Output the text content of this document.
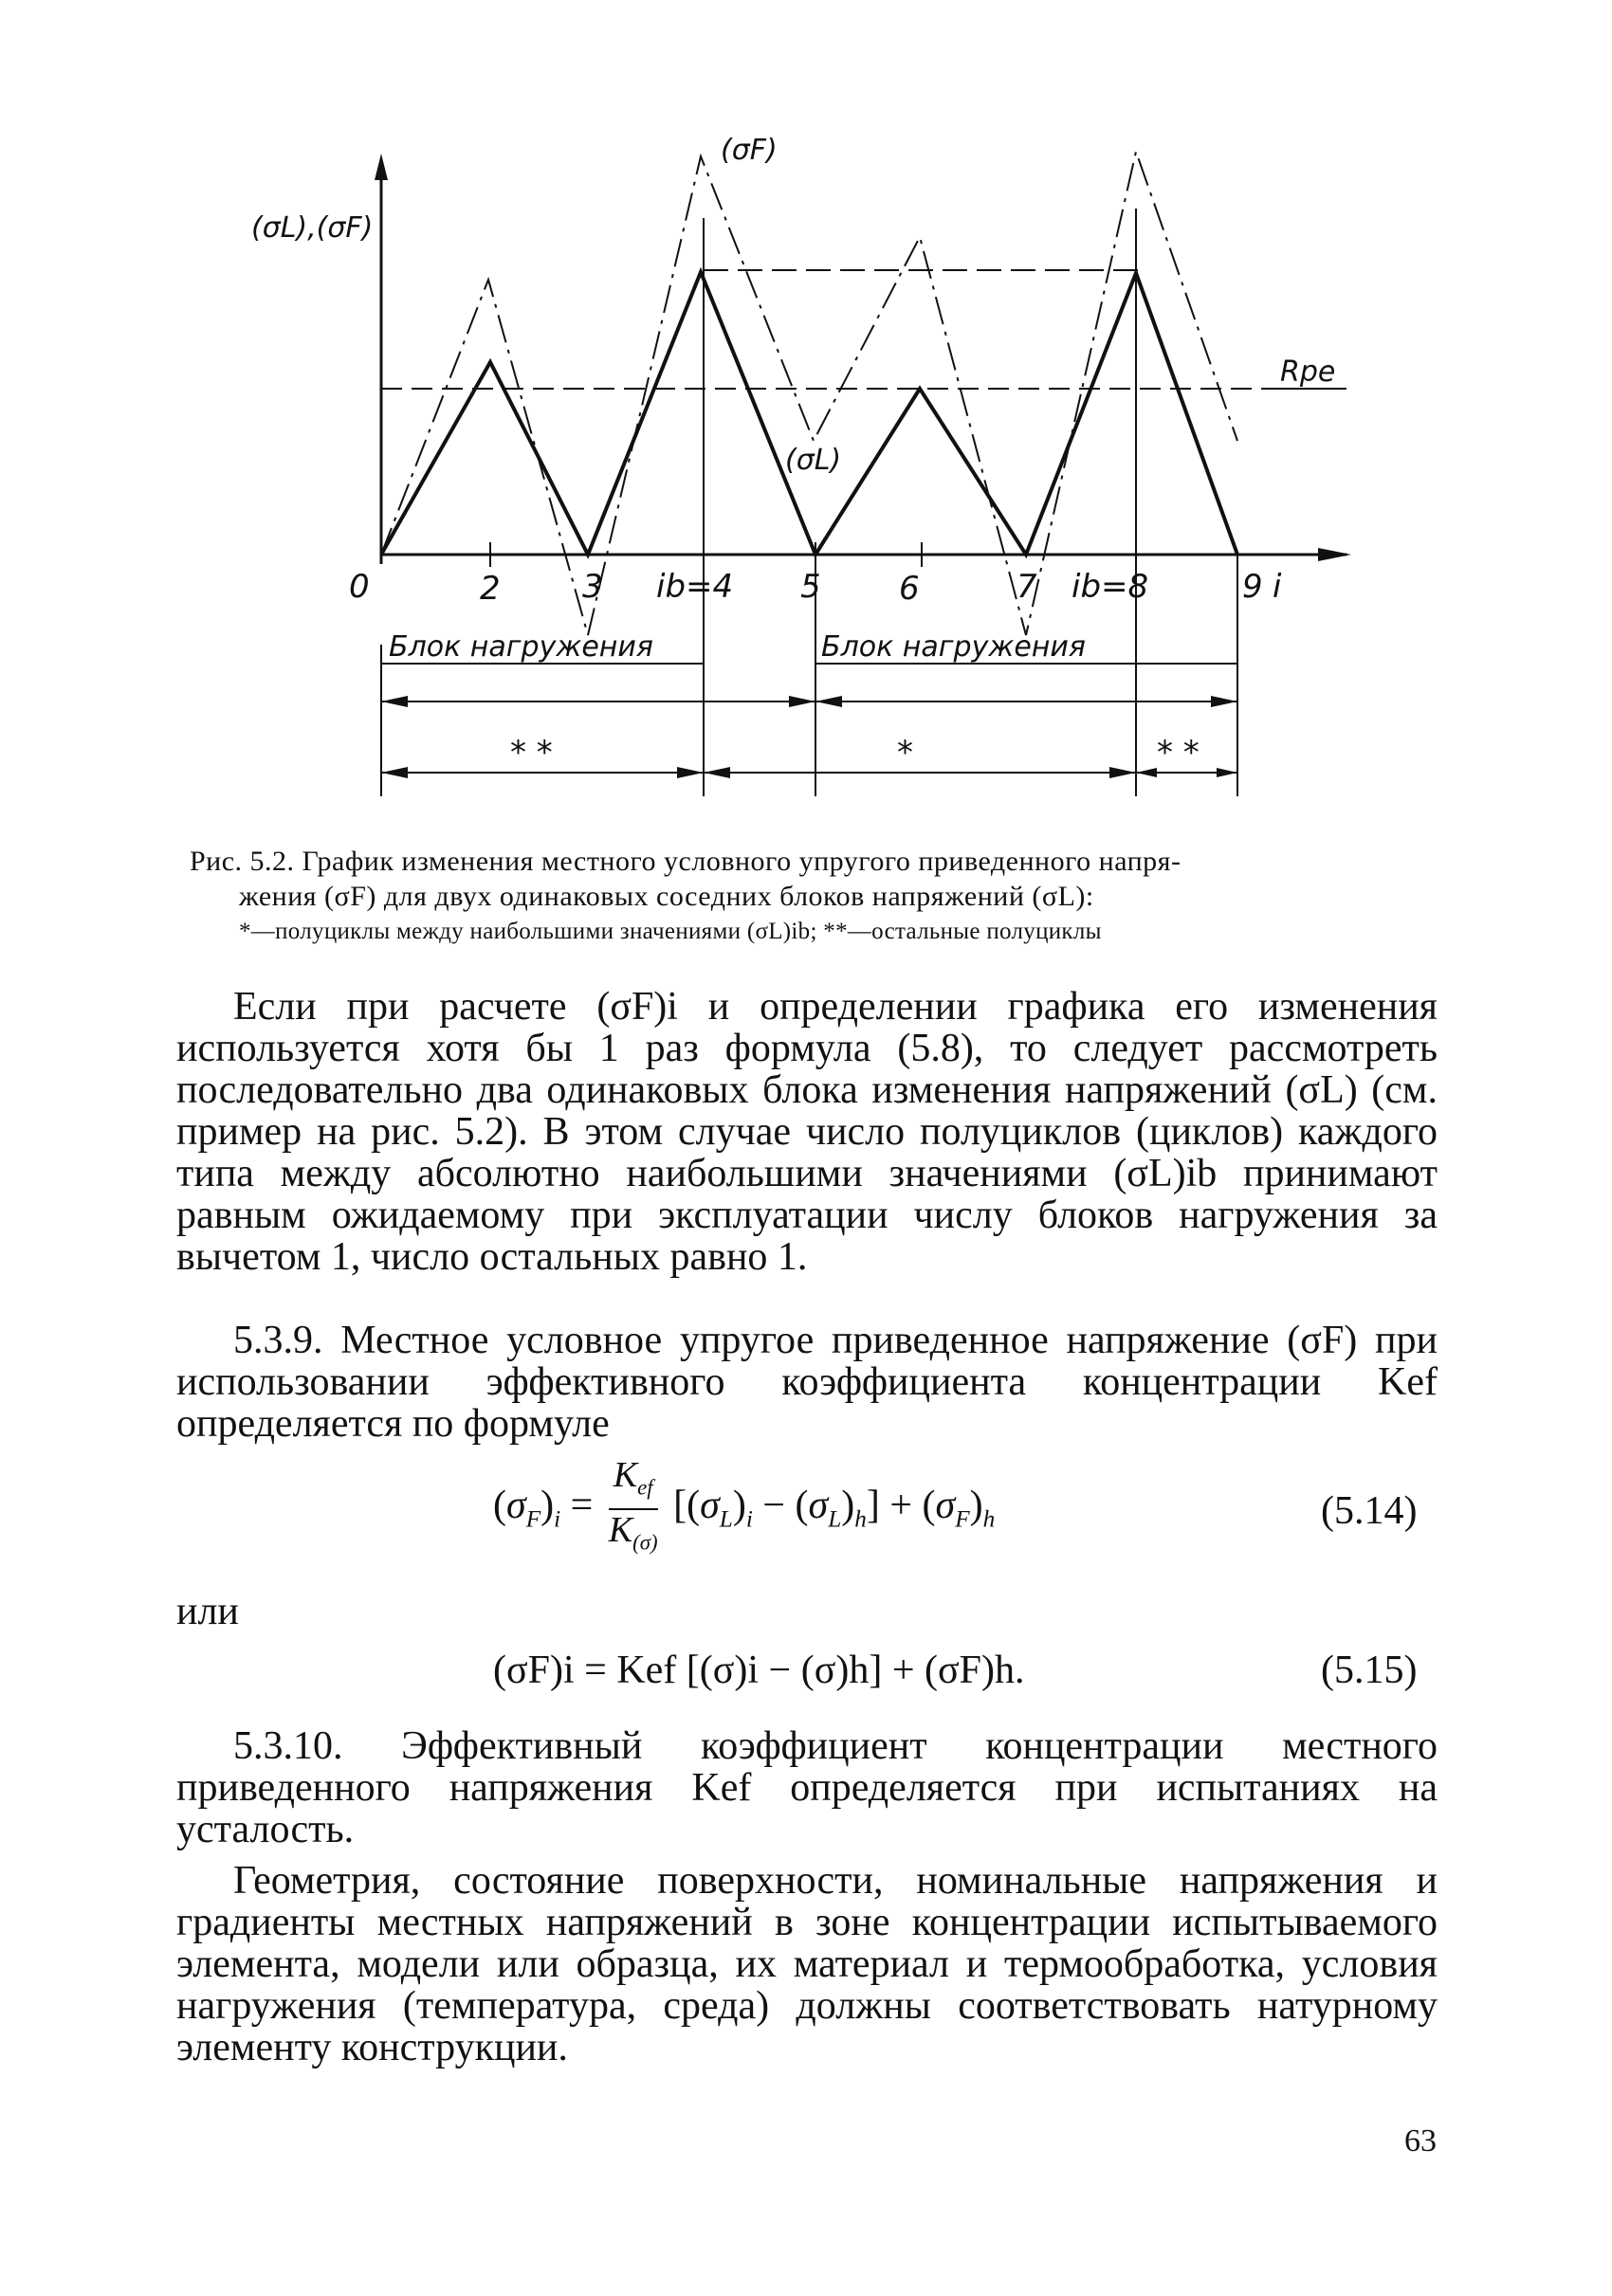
(σL),(σF)
(σF)
(σL)
Rpe
0	i
2	3 ib=4 5 6	7 ib=8	9
Блок нагружения	Блок нагружения
* *	*	* *
Рис. 5.2. График изменения местного условного упругого приведенного напря-
жения (σF) для двух одинаковых соседних блоков напряжений (σL):
*—полуциклы между наибольшими значениями (σL)ib; **—остальные полуциклы

Если при расчете (σF)i и определении графика его изменения используется хотя бы 1 раз формула (5.8), то следует рассмотреть последовательно два одинаковых блока изменения напряжений (σL) (см. пример на рис. 5.2). В этом случае число полуциклов (циклов) каждого типа между абсолютно наибольшими значениями (σL)ib принимают равным ожидаемому при эксплуатации числу блоков нагружения за вычетом 1, число остальных равно 1.

5.3.9. Местное условное упругое приведенное напряжение (σF) при использовании эффективного коэффициента концентрации Kef определяется по формуле

$(\sigma_F)_i = \frac{K_{ef}}{K_{(\sigma)}} [(\sigma_L)_i - (\sigma_L)_h] + (\sigma_F)_h$	(5.14)
или
(σF)i = Kef [(σ)i − (σ)h] + (σF)h.	(5.15)

5.3.10. Эффективный коэффициент концентрации местного приведенного напряжения Kef определяется при испытаниях на усталость.

Геометрия, состояние поверхности, номинальные напряжения и градиенты местных напряжений в зоне концентрации испытываемого элемента, модели или образца, их материал и термообработка, условия нагружения (температура, среда) должны соответствовать натурному элементу конструкции.

63
